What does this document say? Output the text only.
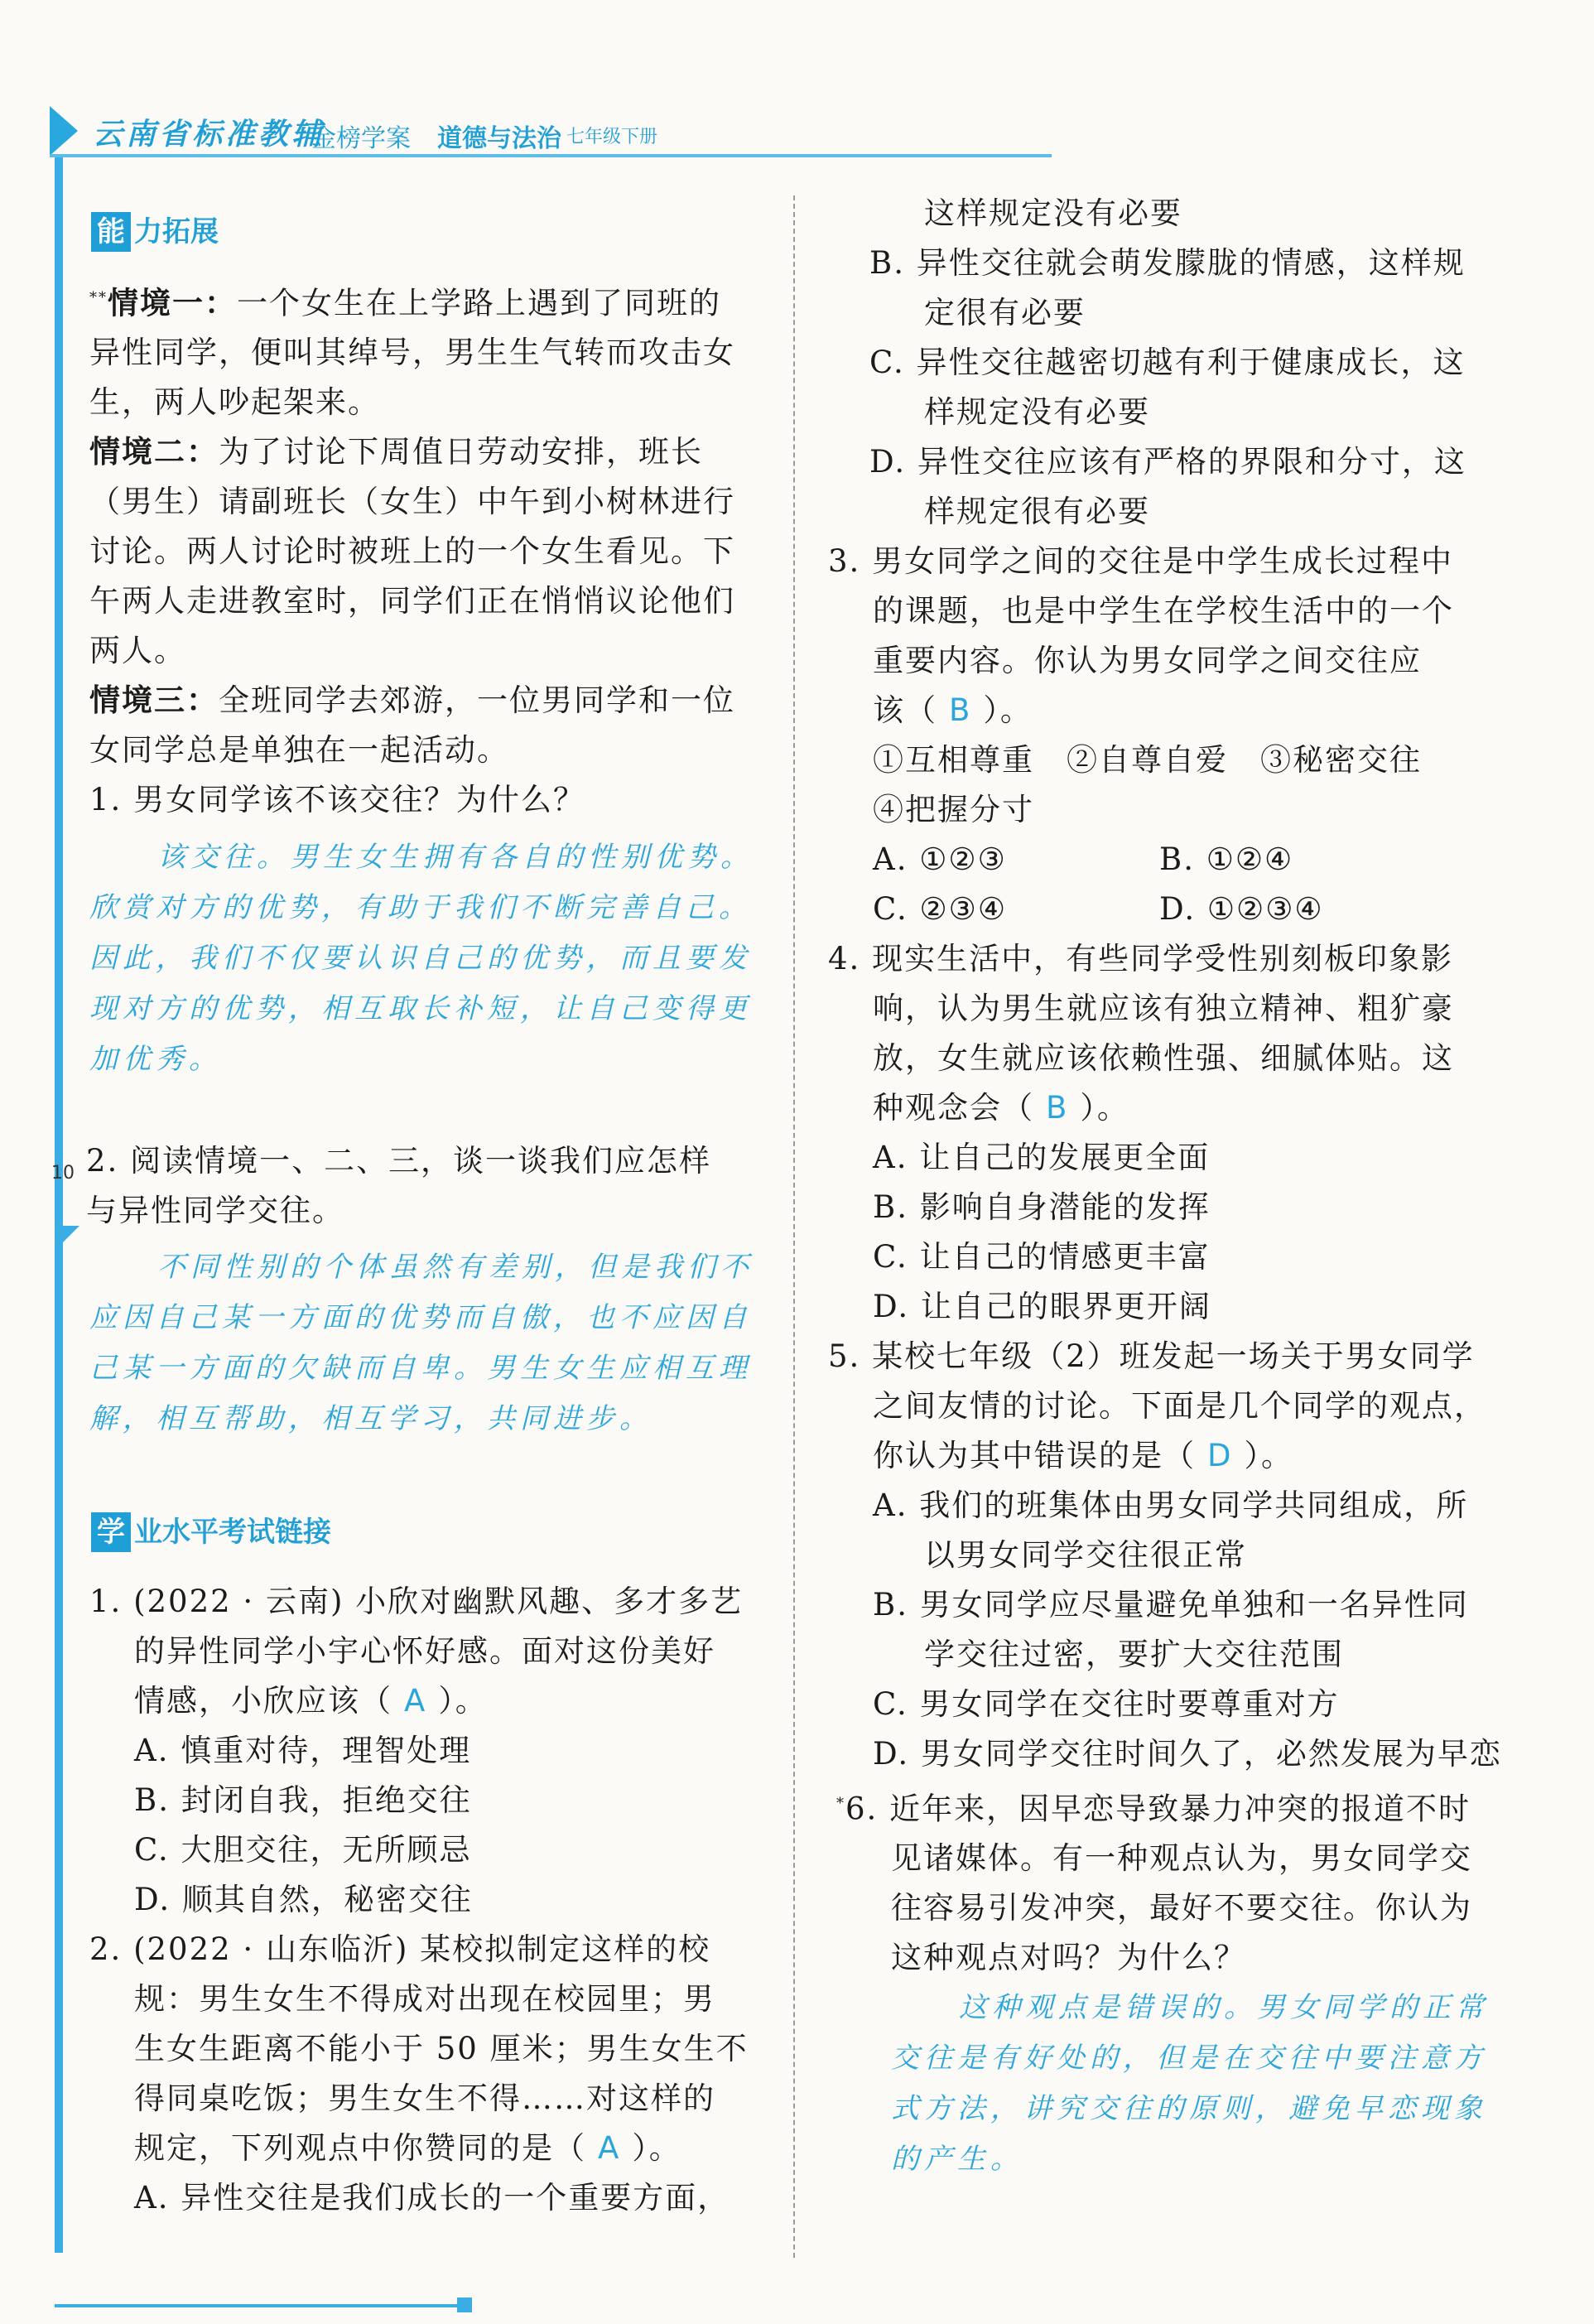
云南省标准教辅
金榜学案 道德与法治 七年级下册
10
能 力拓展
**情境一：一个女生在上学路上遇到了同班的
异性同学，便叫其绰号，男生生气转而攻击女
生，两人吵起架来。
情境二：为了讨论下周值日劳动安排，班长
（男生）请副班长（女生）中午到小树林进行
讨论。两人讨论时被班上的一个女生看见。下
午两人走进教室时，同学们正在悄悄议论他们
两人。
情境三：全班同学去郊游，一位男同学和一位
女同学总是单独在一起活动。
1. 男女同学该不该交往？为什么？
该交往。男生女生拥有各自的性别优势。
欣赏对方的优势，有助于我们不断完善自己。
因此，我们不仅要认识自己的优势，而且要发
现对方的优势，相互取长补短，让自己变得更
加优秀。
2. 阅读情境一、二、三，谈一谈我们应怎样
与异性同学交往。
不同性别的个体虽然有差别，但是我们不
应因自己某一方面的优势而自傲，也不应因自
己某一方面的欠缺而自卑。男生女生应相互理
解，相互帮助，相互学习，共同进步。
学 业水平考试链接
1. (2022 · 云南) 小欣对幽默风趣、多才多艺
的异性同学小宇心怀好感。面对这份美好
情感，小欣应该（ A ）。
A. 慎重对待，理智处理
B. 封闭自我，拒绝交往
C. 大胆交往，无所顾忌
D. 顺其自然，秘密交往
2. (2022 · 山东临沂) 某校拟制定这样的校
规：男生女生不得成对出现在校园里；男
生女生距离不能小于 50 厘米；男生女生不
得同桌吃饭；男生女生不得……对这样的
规定，下列观点中你赞同的是（ A ）。
A. 异性交往是我们成长的一个重要方面，
这样规定没有必要
B. 异性交往就会萌发朦胧的情感，这样规
定很有必要
C. 异性交往越密切越有利于健康成长，这
样规定没有必要
D. 异性交往应该有严格的界限和分寸，这
样规定很有必要
3. 男女同学之间的交往是中学生成长过程中
的课题，也是中学生在学校生活中的一个
重要内容。你认为男女同学之间交往应
该（ B ）。
①互相尊重　②自尊自爱　③秘密交往
④把握分寸
A. ①②③	B. ①②④
C. ②③④	D. ①②③④
4. 现实生活中，有些同学受性别刻板印象影
响，认为男生就应该有独立精神、粗犷豪
放，女生就应该依赖性强、细腻体贴。这
种观念会（ B ）。
A. 让自己的发展更全面
B. 影响自身潜能的发挥
C. 让自己的情感更丰富
D. 让自己的眼界更开阔
5. 某校七年级（2）班发起一场关于男女同学
之间友情的讨论。下面是几个同学的观点，
你认为其中错误的是（ D ）。
A. 我们的班集体由男女同学共同组成，所
以男女同学交往很正常
B. 男女同学应尽量避免单独和一名异性同
学交往过密，要扩大交往范围
C. 男女同学在交往时要尊重对方
D. 男女同学交往时间久了，必然发展为早恋
*6. 近年来，因早恋导致暴力冲突的报道不时
见诸媒体。有一种观点认为，男女同学交
往容易引发冲突，最好不要交往。你认为
这种观点对吗？为什么？
这种观点是错误的。男女同学的正常
交往是有好处的，但是在交往中要注意方
式方法，讲究交往的原则，避免早恋现象
的产生。
